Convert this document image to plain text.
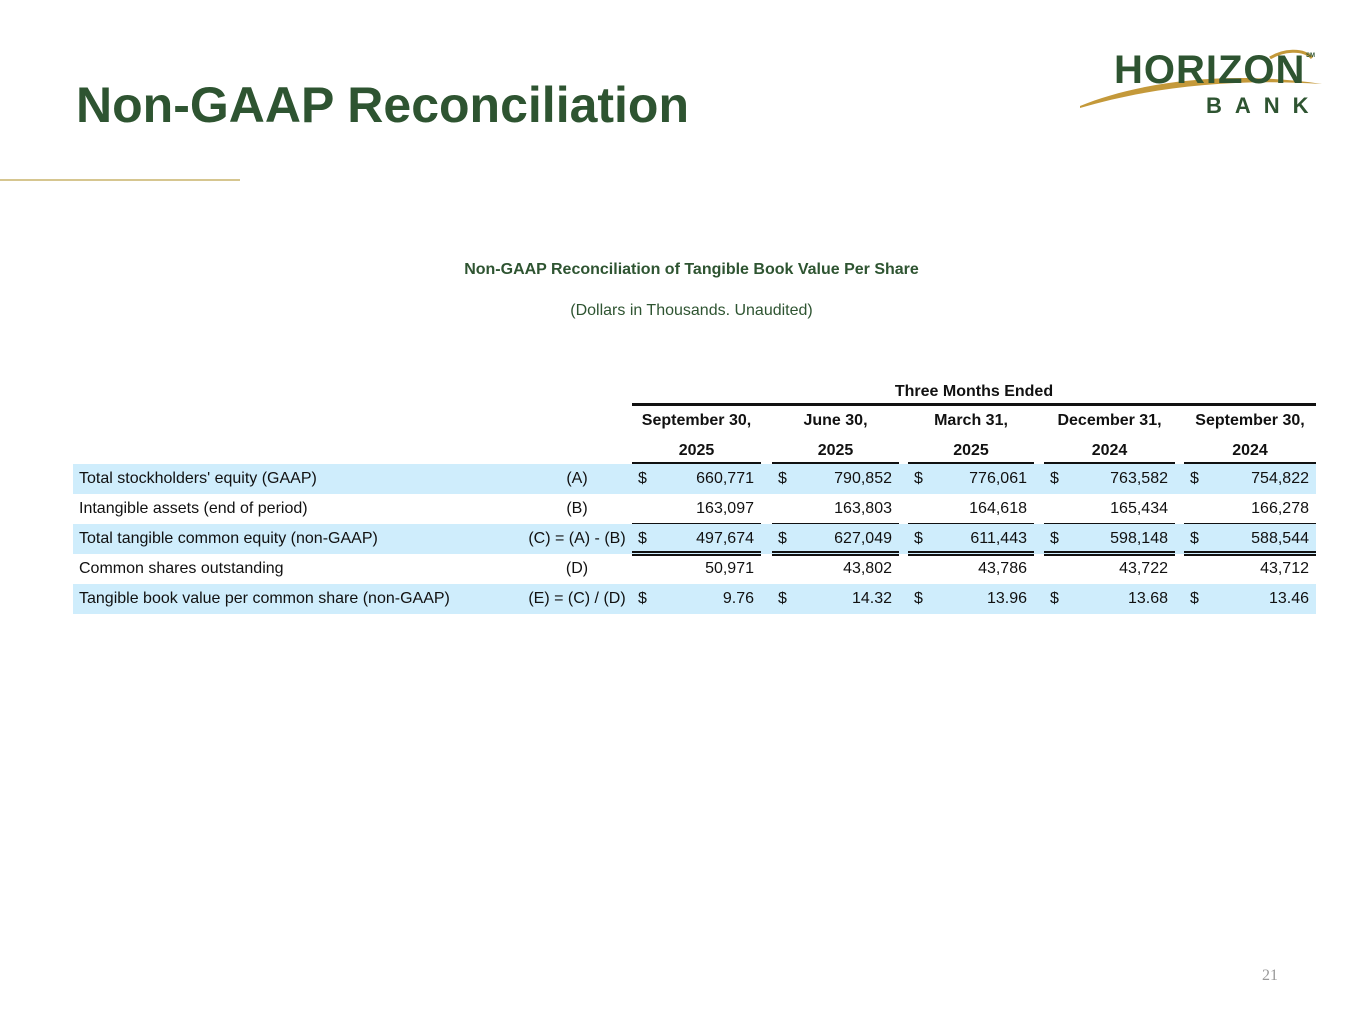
Non-GAAP Reconciliation
HORIZON SM
BANK
Non-GAAP Reconciliation of Tangible Book Value Per Share
(Dollars in Thousands. Unaudited)
Three Months Ended
September 30,
2025
June 30,
2025
March 31,
2025
December 31,
2024
September 30,
2024
Total stockholders' equity (GAAP)	(A)	$	660,771 $	790,852 $	776,061 $	763,582 $	754,822
Intangible assets (end of period)	(B)	163,097	163,803	164,618	165,434	166,278
Total tangible common equity (non-GAAP)	(C) = (A) - (B) $	497,674 $	627,049 $	611,443 $	598,148 $	588,544
Common shares outstanding	(D)	50,971	43,802	43,786	43,722	43,712
Tangible book value per common share (non-GAAP)	(E) = (C) / (D) $	9.76 $	14.32 $	13.96 $	13.68 $	13.46
21
